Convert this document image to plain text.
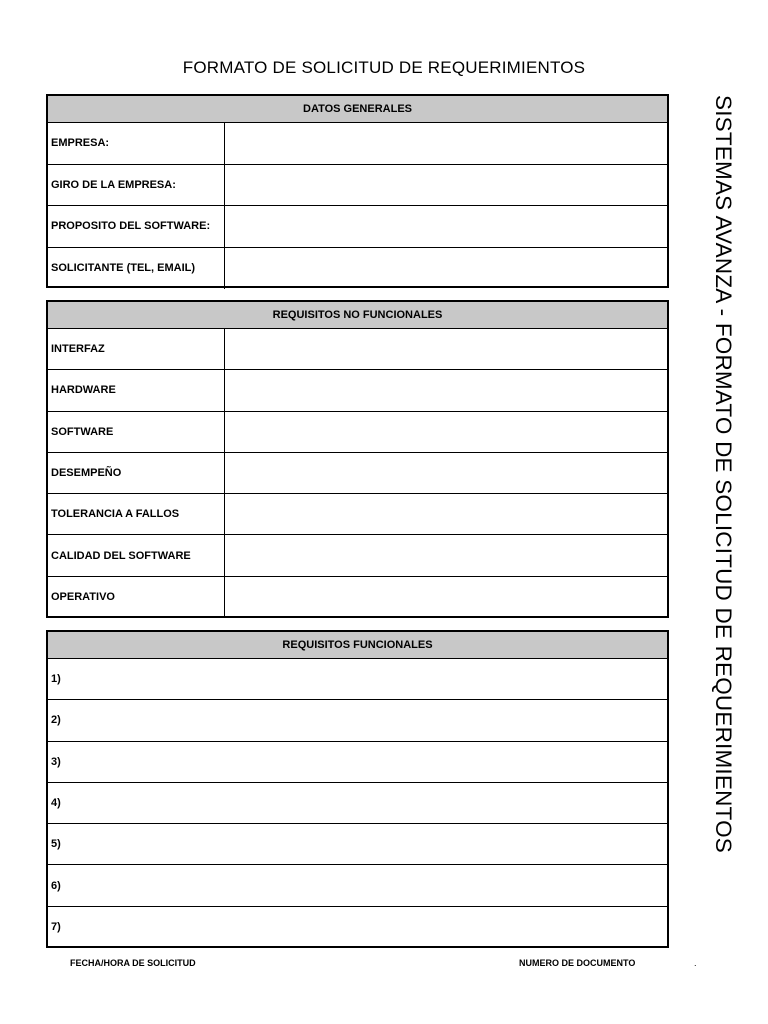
FORMATO DE SOLICITUD DE REQUERIMIENTOS
SISTEMAS AVANZA - FORMATO DE SOLICITUD DE REQUERIMIENTOS
DATOS GENERALES
EMPRESA:
GIRO DE LA EMPRESA:
PROPOSITO DEL SOFTWARE:
SOLICITANTE (TEL, EMAIL)
REQUISITOS NO FUNCIONALES
INTERFAZ
HARDWARE
SOFTWARE
DESEMPEÑO
TOLERANCIA A FALLOS
CALIDAD DEL SOFTWARE
OPERATIVO
REQUISITOS FUNCIONALES
1)
2)
3)
4)
5)
6)
7)
FECHA/HORA DE SOLICITUD	NUMERO DE DOCUMENTO	.
